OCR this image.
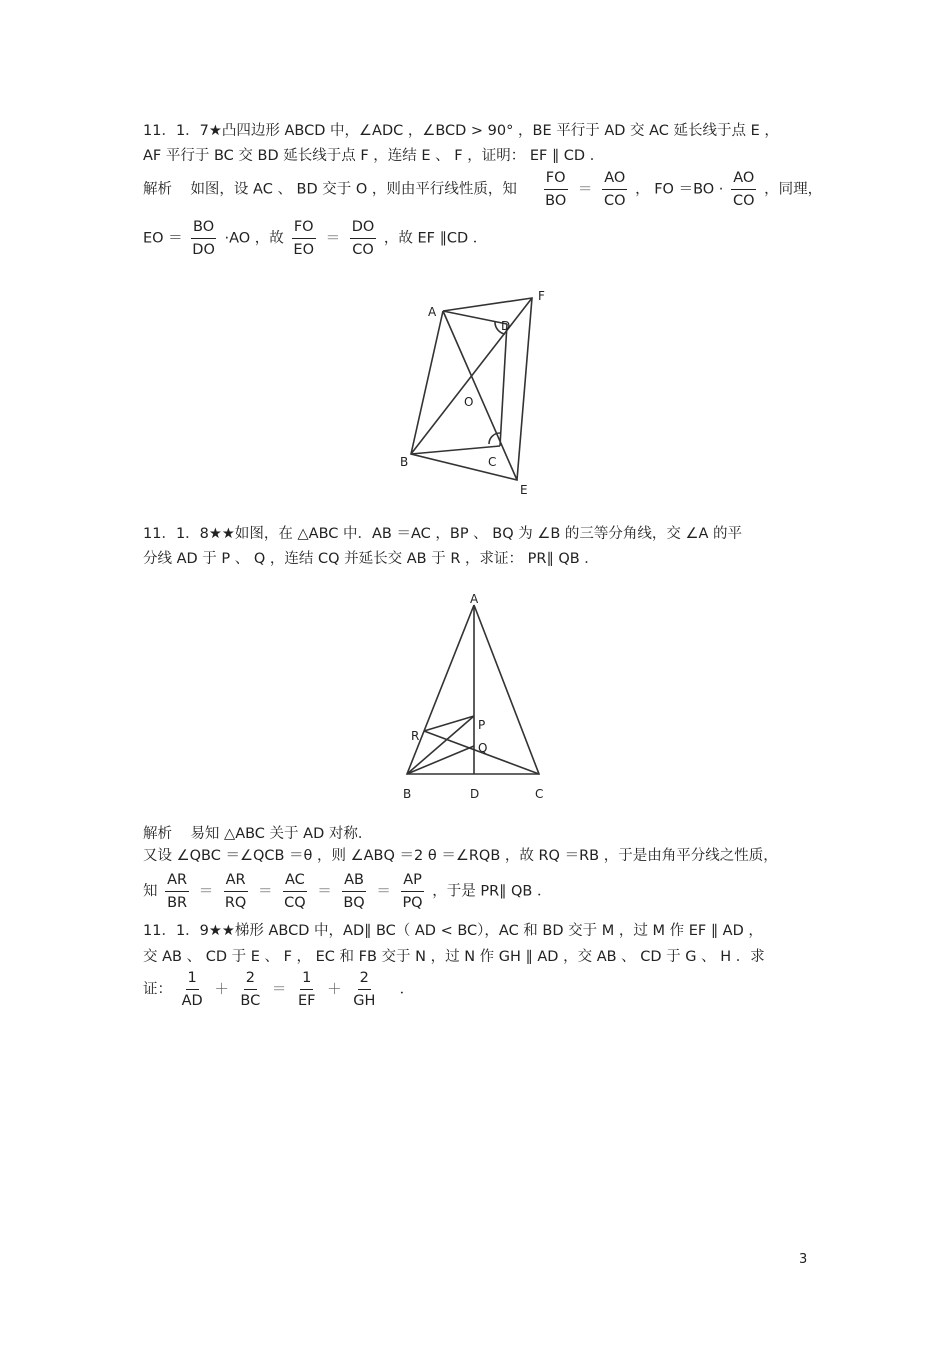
11．1．7★凸四边形 ABCD 中，∠ADC ，∠BCD > 90° ，BE 平行于 AD 交 AC 延长线于点 E ，
AF 平行于 BC 交 BD 延长线于点 F ，连结 E 、 F ，证明： EF ∥ CD ．
解析 如图，设 AC 、 BD 交于 O ，则由平行线性质，知 $\frac{FO}{BO} = \frac{AO}{CO}$ ， FO $=BO \cdot \frac{AO}{CO}$ ，同理，
EO ＝ $\frac{BO}{DO} \cdot AO$ ，故 $\frac{FO}{EO} = \frac{DO}{CO}$ ，故 EF ∥CD ．
A
F
D
O
B	C
E
11．1．8★★如图，在 △ABC 中．AB ＝AC ，BP 、 BQ 为 ∠B 的三等分角线，交 ∠A 的平
分线 AD 于 P 、 Q ，连结 CQ 并延长交 AB 于 R ，求证： PR∥ QB ．
A
P
R
Q
B	D	C
解析 易知 △ABC 关于 AD 对称．
又设 ∠QBC ＝∠QCB ＝θ ，则 ∠ABQ ＝2 θ ＝∠RQB ，故 RQ ＝RB ，于是由角平分线之性质，
知 $\frac{AR}{BR} = \frac{AR}{RQ} = \frac{AC}{CQ} = \frac{AB}{BQ} = \frac{AP}{PQ}$ ，于是 PR∥ QB ．
11．1．9★★梯形 ABCD 中，AD∥ BC（ AD < BC），AC 和 BD 交于 M ，过 M 作 EF ∥ AD ，
交 AB 、 CD 于 E 、 F ， EC 和 FB 交于 N ，过 N 作 GH ∥ AD ，交 AB 、 CD 于 G 、 H ．求
证： $\frac{1}{AD} + \frac{2}{BC} = \frac{1}{EF} + \frac{2}{GH}$ ．
3
